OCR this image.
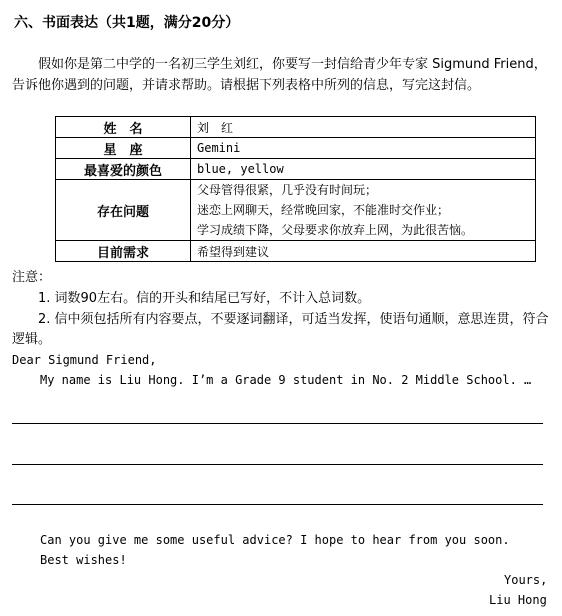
六、书面表达（共1题，满分20分）
假如你是第二中学的一名初三学生刘红，你要写一封信给青少年专家 Sigmund Friend，告诉他你遇到的问题，并请求帮助。请根据下列表格中所列的信息，写完这封信。
姓　名	刘　红
星　座	Gemini
最喜爱的颜色	blue, yellow
存在问题	父母管得很紧，几乎没有时间玩；
迷恋上网聊天，经常晚回家，不能准时交作业；
学习成绩下降，父母要求你放弃上网，为此很苦恼。

目前需求	希望得到建议
注意：
1. 词数90左右。信的开头和结尾已写好，不计入总词数。
2. 信中须包括所有内容要点，不要逐词翻译，可适当发挥，使语句通顺，意思连贯，符合逻辑。
Dear Sigmund Friend,
My name is Liu Hong. I’m a Grade 9 student in No. 2 Middle School. …
Can you give me some useful advice? I hope to hear from you soon.
Best wishes!
Yours,
Liu Hong
